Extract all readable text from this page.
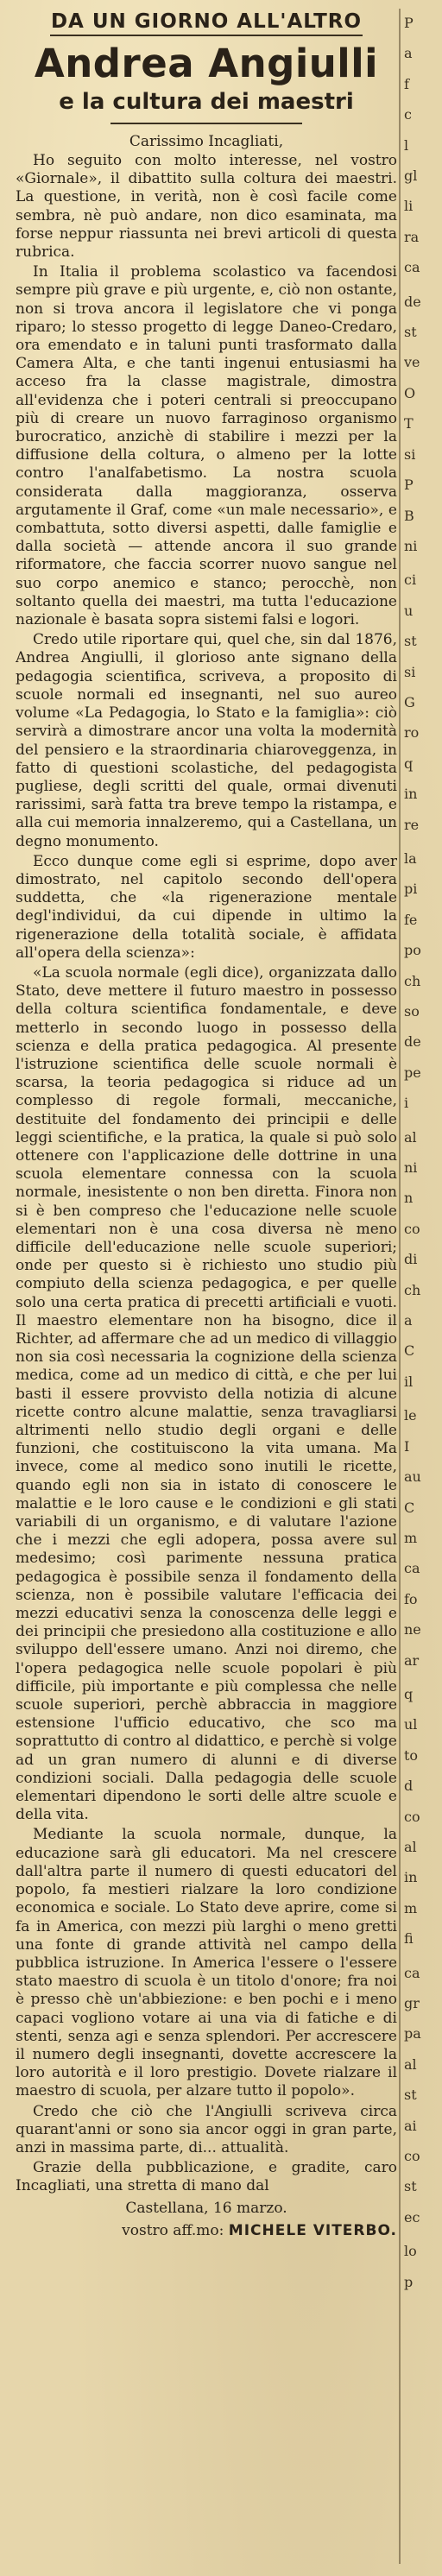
DA UN GIORNO ALL'ALTRO
Andrea Angiulli
e la cultura dei maestri
Carissimo Incagliati,

Ho seguito con molto interesse, nel vostro «Giornale», il dibattito sulla coltura dei maestri. La questione, in verità, non è così facile come sembra, nè può andare, non dico esaminata, ma forse neppur riassunta nei brevi articoli di questa rubrica.

In Italia il problema scolastico va facendosi sempre più grave e più urgente, e, ciò non ostante, non si trova ancora il legislatore che vi ponga riparo; lo stesso progetto di legge Daneo-Credaro, ora emendato e in taluni punti trasformato dalla Camera Alta, e che tanti ingenui entusiasmi ha acceso fra la classe magistrale, dimostra all'evidenza che i poteri centrali si preoccupano più di creare un nuovo farraginoso organismo burocratico, anzichè di stabilire i mezzi per la diffusione della coltura, o almeno per la lotte contro l'analfabetismo. La nostra scuola considerata dalla maggioranza, osserva argutamente il Graf, come «un male necessario», e combattuta, sotto diversi aspetti, dalle famiglie e dalla società — attende ancora il suo grande riformatore, che faccia scorrer nuovo sangue nel suo corpo anemico e stanco; perocchè, non soltanto quella dei maestri, ma tutta l'educazione nazionale è basata sopra sistemi falsi e logori.

Credo utile riportare qui, quel che, sin dal 1876, Andrea Angiulli, il glorioso ante signano della pedagogia scientifica, scriveva, a proposito di scuole normali ed insegnanti, nel suo aureo volume «La Pedagogia, lo Stato e la famiglia»: ciò servirà a dimostrare ancor una volta la modernità del pensiero e la straordinaria chiaroveggenza, in fatto di questioni scolastiche, del pedagogista pugliese, degli scritti del quale, ormai divenuti rarissimi, sarà fatta tra breve tempo la ristampa, e alla cui memoria innalzeremo, qui a Castellana, un degno monumento.

Ecco dunque come egli si esprime, dopo aver dimostrato, nel capitolo secondo dell'opera suddetta, che «la rigenerazione mentale degl'individui, da cui dipende in ultimo la rigenerazione della totalità sociale, è affidata all'opera della scienza»:

«La scuola normale (egli dice), organizzata dallo Stato, deve mettere il futuro maestro in possesso della coltura scientifica fondamentale, e deve metterlo in secondo luogo in possesso della scienza e della pratica pedagogica. Al presente l'istruzione scientifica delle scuole normali è scarsa, la teoria pedagogica si riduce ad un complesso di regole formali, meccaniche, destituite del fondamento dei principii e delle leggi scientifiche, e la pratica, la quale si può solo ottenere con l'applicazione delle dottrine in una scuola elementare connessa con la scuola normale, inesistente o non ben diretta. Finora non si è ben compreso che l'educazione nelle scuole elementari non è una cosa diversa nè meno difficile dell'educazione nelle scuole superiori; onde per questo si è richiesto uno studio più compiuto della scienza pedagogica, e per quelle solo una certa pratica di precetti artificiali e vuoti. Il maestro elementare non ha bisogno, dice il Richter, ad affermare che ad un medico di villaggio non sia così necessaria la cognizione della scienza medica, come ad un medico di città, e che per lui basti il essere provvisto della notizia di alcune ricette contro alcune malattie, senza travagliarsi altrimenti nello studio degli organi e delle funzioni, che costituiscono la vita umana. Ma invece, come al medico sono inutili le ricette, quando egli non sia in istato di conoscere le malattie e le loro cause e le condizioni e gli stati variabili di un organismo, e di valutare l'azione che i mezzi che egli adopera, possa avere sul medesimo; così parimente nessuna pratica pedagogica è possibile senza il fondamento della scienza, non è possibile valutare l'efficacia dei mezzi educativi senza la conoscenza delle leggi e dei principii che presiedono alla costituzione e allo sviluppo dell'essere umano. Anzi noi diremo, che l'opera pedagogica nelle scuole popolari è più difficile, più importante e più complessa che nelle scuole superiori, perchè abbraccia in maggiore estensione l'ufficio educativo, che sco ma soprattutto di contro al didattico, e perchè si volge ad un gran numero di alunni e di diverse condizioni sociali. Dalla pedagogia delle scuole elementari dipendono le sorti delle altre scuole e della vita.

Mediante la scuola normale, dunque, la educazione sarà gli educatori. Ma nel crescere dall'altra parte il numero di questi educatori del popolo, fa mestieri rialzare la loro condizione economica e sociale. Lo Stato deve aprire, come si fa in America, con mezzi più larghi o meno gretti una fonte di grande attività nel campo della pubblica istruzione. In America l'essere o l'essere stato maestro di scuola è un titolo d'onore; fra noi è presso chè un'abbiezione: e ben pochi e i meno capaci vogliono votare ai una via di fatiche e di stenti, senza agi e senza splendori. Per accrescere il numero degli insegnanti, dovette accrescere la loro autorità e il loro prestigio. Dovete rialzare il maestro di scuola, per alzare tutto il popolo».

Credo che ciò che l'Angiulli scriveva circa quarant'anni or sono sia ancor oggi in gran parte, anzi in massima parte, di... attualità.

Grazie della pubblicazione, e gradite, caro Incagliati, una stretta di mano dal

Castellana, 16 marzo.
vostro aff.mo: MICHELE VITERBO.
P
a
f
c
l
gl
li
ra
ca
de
st
ve
O
T
si
P
B
ni
ci
u
st
si
G
ro
q
in
re
la
pi
fe
po
ch
so
de
pe
i
al
ni
n
co
di
ch
a
C
il
le
I
au
C
m
ca
fo
ne
ar
q
ul
to
d
co
al
in
m
fi
ca
gr
pa
al
st
ai
co
st
ec
lo
p
